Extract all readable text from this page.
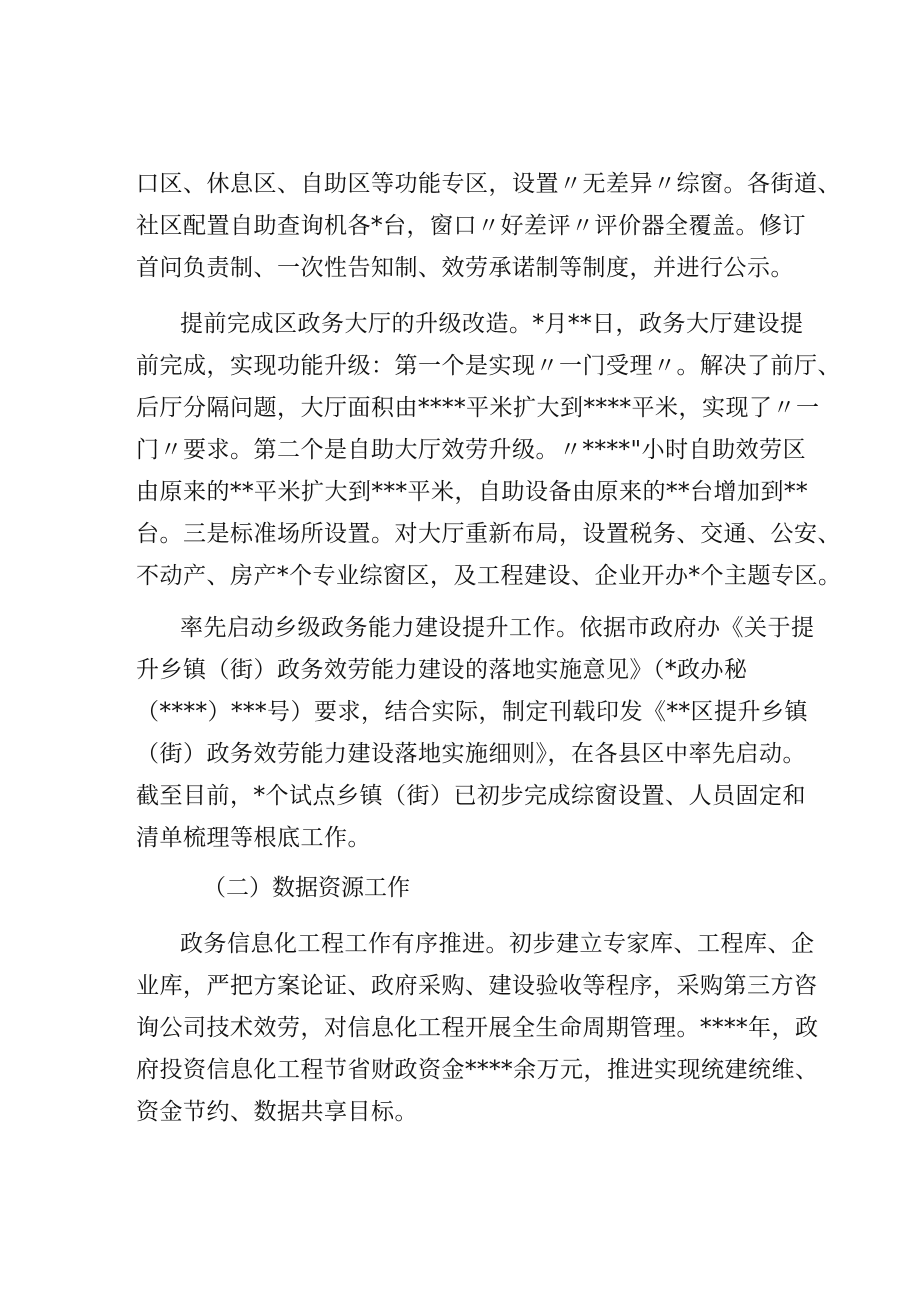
口区、休息区、自助区等功能专区，设置〃无差异〃综窗。各街道、
社区配置自助查询机各*台，窗口〃好差评〃评价器全覆盖。修订
首问负责制、一次性告知制、效劳承诺制等制度，并进行公示。
提前完成区政务大厅的升级改造。*月**日，政务大厅建设提
前完成，实现功能升级：第一个是实现〃一门受理〃。解决了前厅、
后厅分隔问题，大厅面积由****平米扩大到****平米，实现了〃一
门〃要求。第二个是自助大厅效劳升级。〃****"小时自助效劳区
由原来的**平米扩大到***平米，自助设备由原来的**台增加到**
台。三是标准场所设置。对大厅重新布局，设置税务、交通、公安、
不动产、房产*个专业综窗区，及工程建设、企业开办*个主题专区。
率先启动乡级政务能力建设提升工作。依据市政府办《关于提
升乡镇（街）政务效劳能力建设的落地实施意见》（*政办秘
（****）***号）要求，结合实际，制定刊载印发《**区提升乡镇
（街）政务效劳能力建设落地实施细则》，在各县区中率先启动。
截至目前，*个试点乡镇（街）已初步完成综窗设置、人员固定和
清单梳理等根底工作。
（二）数据资源工作
政务信息化工程工作有序推进。初步建立专家库、工程库、企
业库，严把方案论证、政府采购、建设验收等程序，采购第三方咨
询公司技术效劳，对信息化工程开展全生命周期管理。****年，政
府投资信息化工程节省财政资金****余万元，推进实现统建统维、
资金节约、数据共享目标。
